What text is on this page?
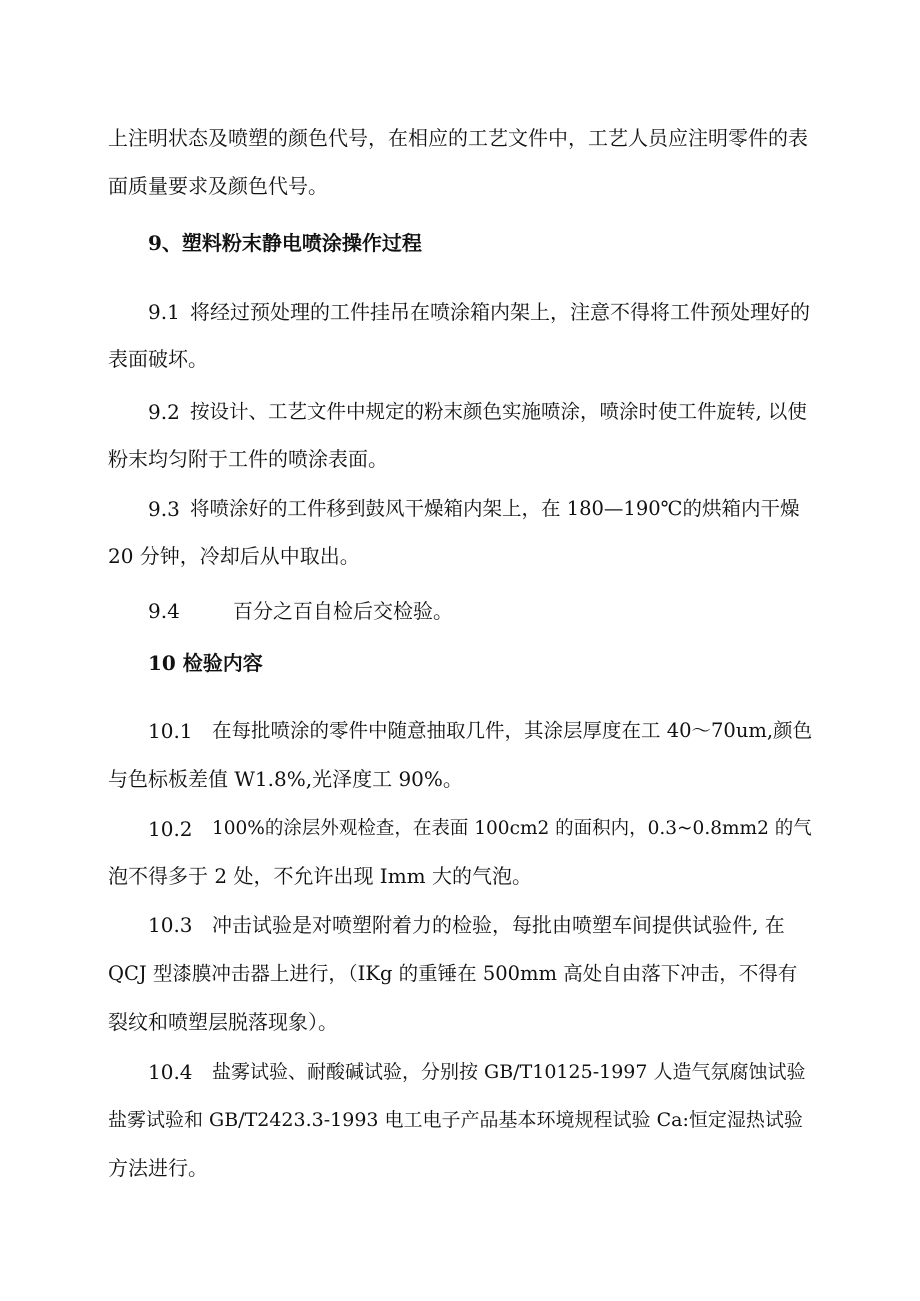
上注明状态及喷塑的颜色代号，在相应的工艺文件中，工艺人员应注明零件的表
面质量要求及颜色代号。
9、塑料粉末静电喷涂操作过程
9.1 将经过预处理的工件挂吊在喷涂箱内架上，注意不得将工件预处理好的
表面破坏。
9.2 按设计、工艺文件中规定的粉末颜色实施喷涂，喷涂时使工件旋转, 以使
粉末均匀附于工件的喷涂表面。
9.3 将喷涂好的工件移到鼓风干燥箱内架上，在 180—190℃的烘箱内干燥
20 分钟，冷却后从中取出。
9.4	百分之百自检后交检验。
10 检验内容
10.1 在每批喷涂的零件中随意抽取几件，其涂层厚度在工 40～70um,颜色
与色标板差值 W1.8%,光泽度工 90%。
10.2 100%的涂层外观检查，在表面 100cm2 的面积内，0.3~0.8mm2 的气
泡不得多于 2 处，不允许出现 Imm 大的气泡。
10.3 冲击试验是对喷塑附着力的检验，每批由喷塑车间提供试验件, 在
QCJ 型漆膜冲击器上进行，（IKg 的重锤在 500mm 高处自由落下冲击，不得有
裂纹和喷塑层脱落现象）。
10.4 盐雾试验、耐酸碱试验，分别按 GB/T10125-1997 人造气氛腐蚀试验
盐雾试验和 GB/T2423.3-1993 电工电子产品基本环境规程试验 Ca:恒定湿热试验
方法进行。
